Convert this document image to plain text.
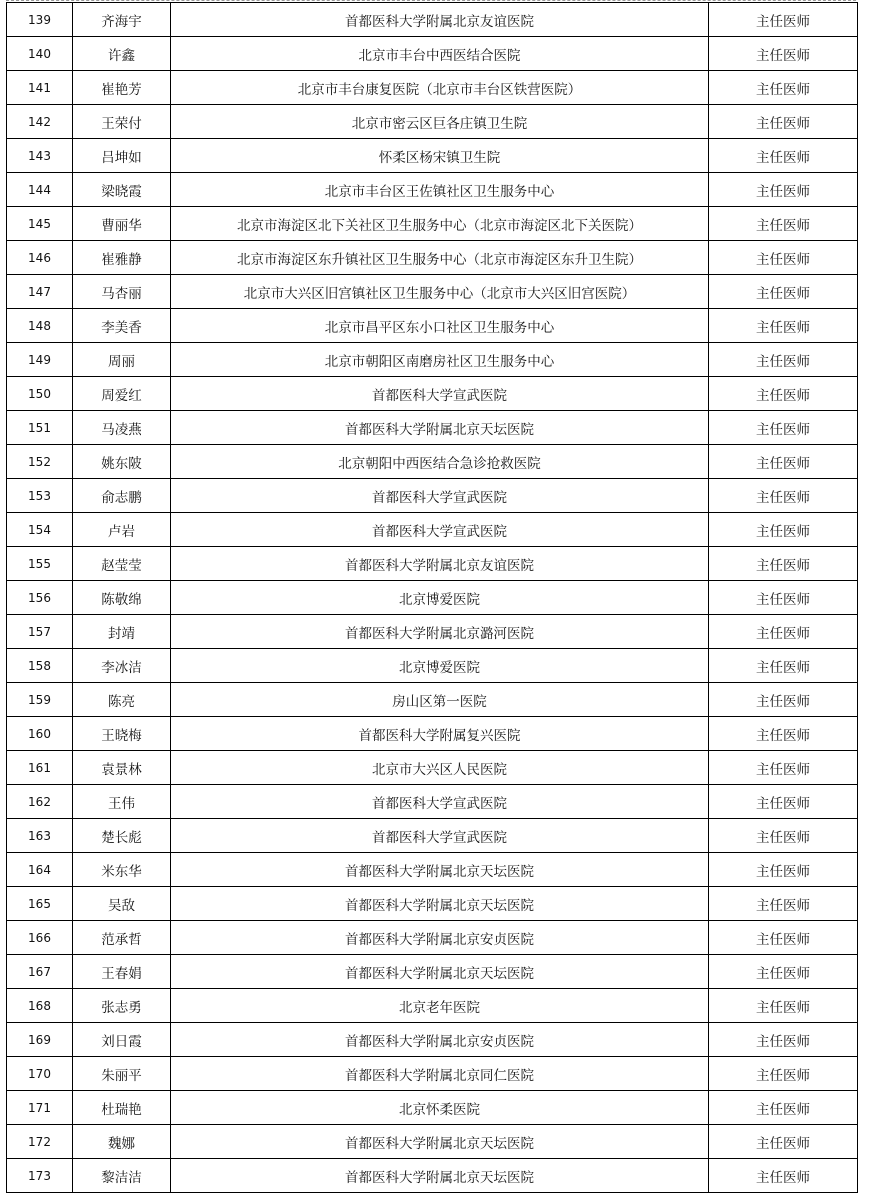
139	齐海宇	首都医科大学附属北京友谊医院	主任医师
140	许鑫	北京市丰台中西医结合医院	主任医师
141	崔艳芳	北京市丰台康复医院（北京市丰台区铁营医院）	主任医师
142	王荣付	北京市密云区巨各庄镇卫生院	主任医师
143	吕坤如	怀柔区杨宋镇卫生院	主任医师
144	梁晓霞	北京市丰台区王佐镇社区卫生服务中心	主任医师
145	曹丽华	北京市海淀区北下关社区卫生服务中心（北京市海淀区北下关医院）	主任医师
146	崔雅静	北京市海淀区东升镇社区卫生服务中心（北京市海淀区东升卫生院）	主任医师
147	马杏丽	北京市大兴区旧宫镇社区卫生服务中心（北京市大兴区旧宫医院）	主任医师
148	李美香	北京市昌平区东小口社区卫生服务中心	主任医师
149	周丽	北京市朝阳区南磨房社区卫生服务中心	主任医师
150	周爱红	首都医科大学宣武医院	主任医师
151	马凌燕	首都医科大学附属北京天坛医院	主任医师
152	姚东陂	北京朝阳中西医结合急诊抢救医院	主任医师
153	俞志鹏	首都医科大学宣武医院	主任医师
154	卢岩	首都医科大学宣武医院	主任医师
155	赵莹莹	首都医科大学附属北京友谊医院	主任医师
156	陈敬绵	北京博爱医院	主任医师
157	封靖	首都医科大学附属北京潞河医院	主任医师
158	李冰洁	北京博爱医院	主任医师
159	陈亮	房山区第一医院	主任医师
160	王晓梅	首都医科大学附属复兴医院	主任医师
161	袁景林	北京市大兴区人民医院	主任医师
162	王伟	首都医科大学宣武医院	主任医师
163	楚长彪	首都医科大学宣武医院	主任医师
164	米东华	首都医科大学附属北京天坛医院	主任医师
165	吴敌	首都医科大学附属北京天坛医院	主任医师
166	范承哲	首都医科大学附属北京安贞医院	主任医师
167	王春娟	首都医科大学附属北京天坛医院	主任医师
168	张志勇	北京老年医院	主任医师
169	刘日霞	首都医科大学附属北京安贞医院	主任医师
170	朱丽平	首都医科大学附属北京同仁医院	主任医师
171	杜瑞艳	北京怀柔医院	主任医师
172	魏娜	首都医科大学附属北京天坛医院	主任医师
173	黎洁洁	首都医科大学附属北京天坛医院	主任医师
